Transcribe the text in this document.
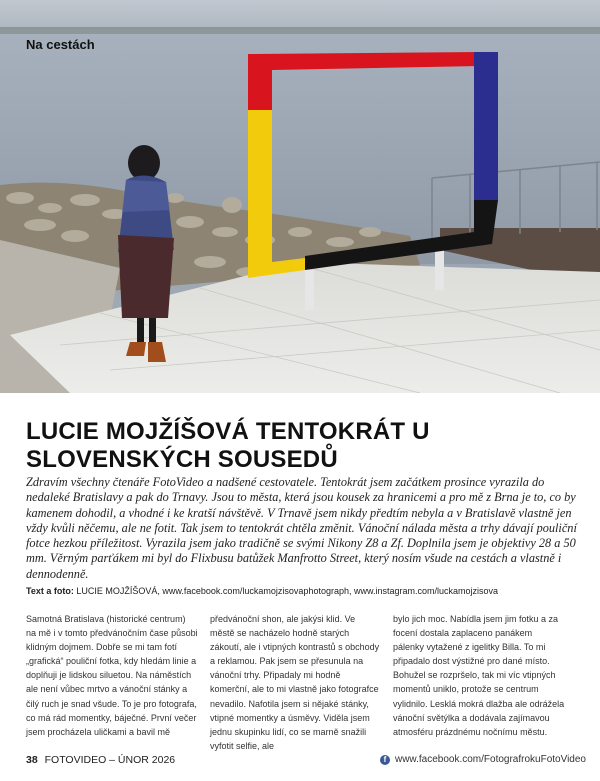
Na cestách
LUCIE MOJŽÍŠOVÁ TENTOKRÁT U SLOVENSKÝCH SOUSEDŮ

Zdravím všechny čtenáře FotoVideo a nadšené cestovatele. Tentokrát jsem začátkem prosince vyrazila do nedaleké Bratislavy a pak do Trnavy. Jsou to města, která jsou kousek za hranicemi a pro mě z Brna je to, co by kamenem dohodil, a vhodné i ke kratší návštěvě. V Trnavě jsem nikdy předtím nebyla a v Bratislavě vlastně jen vždy kvůli něčemu, ale ne fotit. Tak jsem to tentokrát chtěla změnit. Vánoční nálada města a trhy dávají pouliční fotce hezkou příležitost. Vyrazila jsem jako tradičně se svými Nikony Z8 a Zf. Doplnila jsem je objektivy 28 a 50 mm. Věrným parťákem mi byl do Flixbusu batůžek Manfrotto Street, který nosím všude na cestách a vlastně i dennodenně.

Text a foto: LUCIE MOJŽÍŠOVÁ, www.facebook.com/luckamojzisovaphotograph, www.instagram.com/luckamojzisova

Samotná Bratislava (historické centrum) na mě i v tomto předvánočním čase působi klidným dojmem. Dobře se mi tam fotí „grafická“ pouliční fotka, kdy hledám linie a doplňuji je lidskou siluetou. Na náměstích ale není vůbec mrtvo a vánoční stánky a čilý ruch je snad všude. To je pro fotografa, co má rád momentky, báječné. První večer jsem procházela uličkami a bavil mě

předvánoční shon, ale jakýsi klid. Ve městě se nacházelo hodně starých zákoutí, ale i vtipných kontrastů s obchody a reklamou. Pak jsem se přesunula na vánoční trhy. Připadaly mi hodně komerční, ale to mi vlastně jako fotografce nevadilo. Nafotila jsem si nějaké stánky, vtipné momentky a úsměvy. Viděla jsem jednu skupinku lidí, co se marně snažili vyfotit selfie, ale

bylo jich moc. Nabídla jsem jim fotku a za focení dostala zaplaceno panákem pálenky vytažené z igelitky Billa. To mi připadalo dost výstižné pro dané místo. Bohužel se rozpršelo, tak mi víc vtipných momentů uniklo, protože se centrum vylidnilo. Lesklá mokrá dlažba ale odrážela vánoční světýlka a dodávala zajímavou atmosféru prázdnému nočnímu městu.

38 FOTOVIDEO – ÚNOR 2026	f www.facebook.com/FotografrokuFotoVideo
